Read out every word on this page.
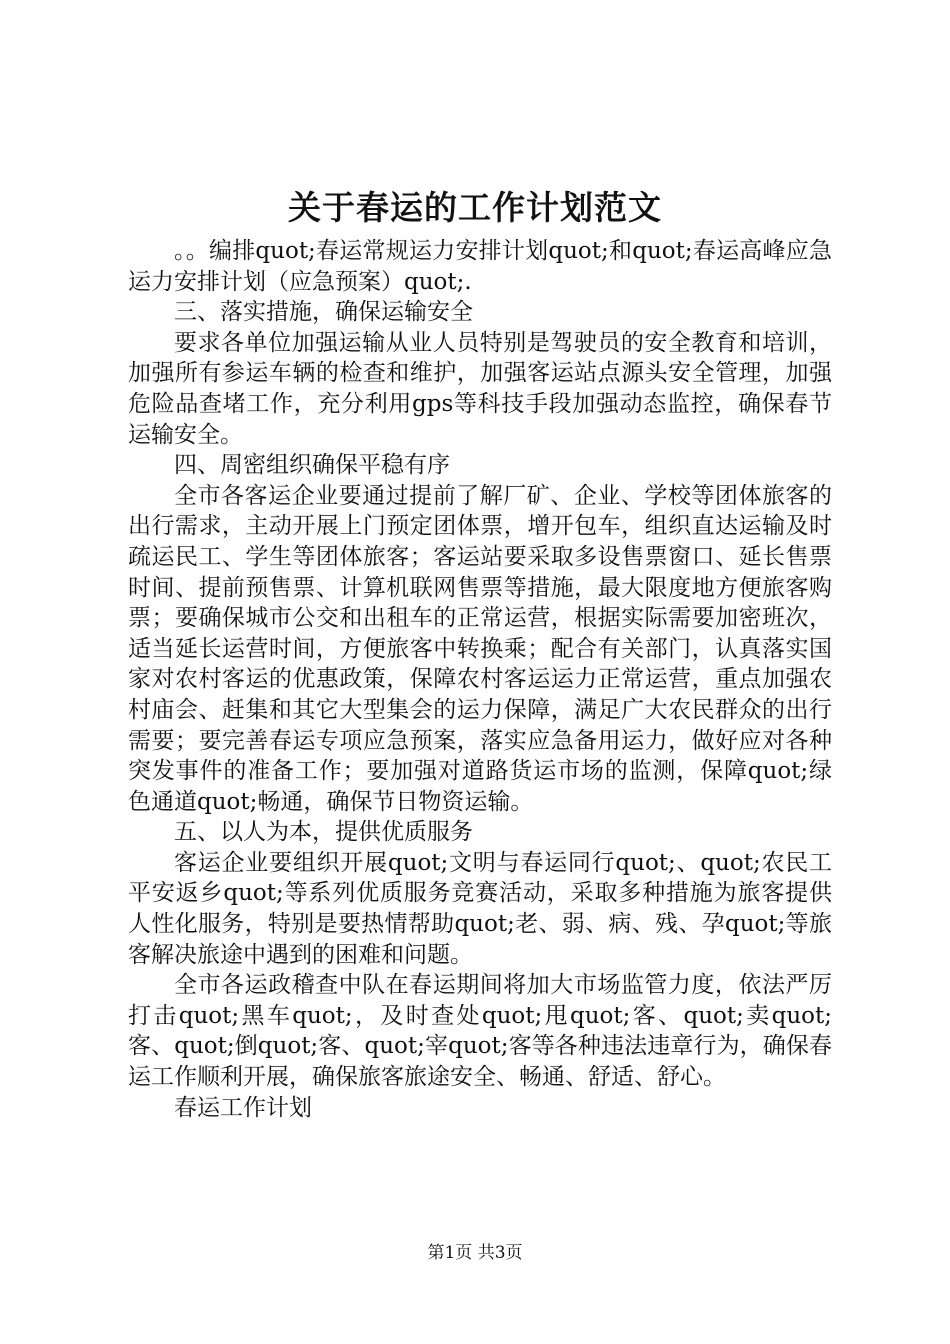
关于春运的工作计划范文

。。编排quot;春运常规运力安排计划quot;和quot;春运高峰应急运力安排计划（应急预案）quot;.

三、落实措施，确保运输安全

要求各单位加强运输从业人员特别是驾驶员的安全教育和培训，加强所有参运车辆的检查和维护，加强客运站点源头安全管理，加强危险品查堵工作，充分利用gps等科技手段加强动态监控，确保春节运输安全。

四、周密组织确保平稳有序

全市各客运企业要通过提前了解厂矿、企业、学校等团体旅客的出行需求，主动开展上门预定团体票，增开包车，组织直达运输及时疏运民工、学生等团体旅客；客运站要采取多设售票窗口、延长售票时间、提前预售票、计算机联网售票等措施，最大限度地方便旅客购票；要确保城市公交和出租车的正常运营，根据实际需要加密班次，适当延长运营时间，方便旅客中转换乘；配合有关部门，认真落实国家对农村客运的优惠政策，保障农村客运运力正常运营，重点加强农村庙会、赶集和其它大型集会的运力保障，满足广大农民群众的出行需要；要完善春运专项应急预案，落实应急备用运力，做好应对各种突发事件的准备工作；要加强对道路货运市场的监测，保障quot;绿色通道quot;畅通，确保节日物资运输。

五、以人为本，提供优质服务

客运企业要组织开展quot;文明与春运同行quot;、quot;农民工平安返乡quot;等系列优质服务竞赛活动，采取多种措施为旅客提供人性化服务，特别是要热情帮助quot;老、弱、病、残、孕quot;等旅客解决旅途中遇到的困难和问题。

全市各运政稽查中队在春运期间将加大市场监管力度，依法严厉打击quot;黑车quot;，及时查处quot;甩quot;客、quot;卖quot;客、quot;倒quot;客、quot;宰quot;客等各种违法违章行为，确保春运工作顺利开展，确保旅客旅途安全、畅通、舒适、舒心。

春运工作计划

第1页 共3页
